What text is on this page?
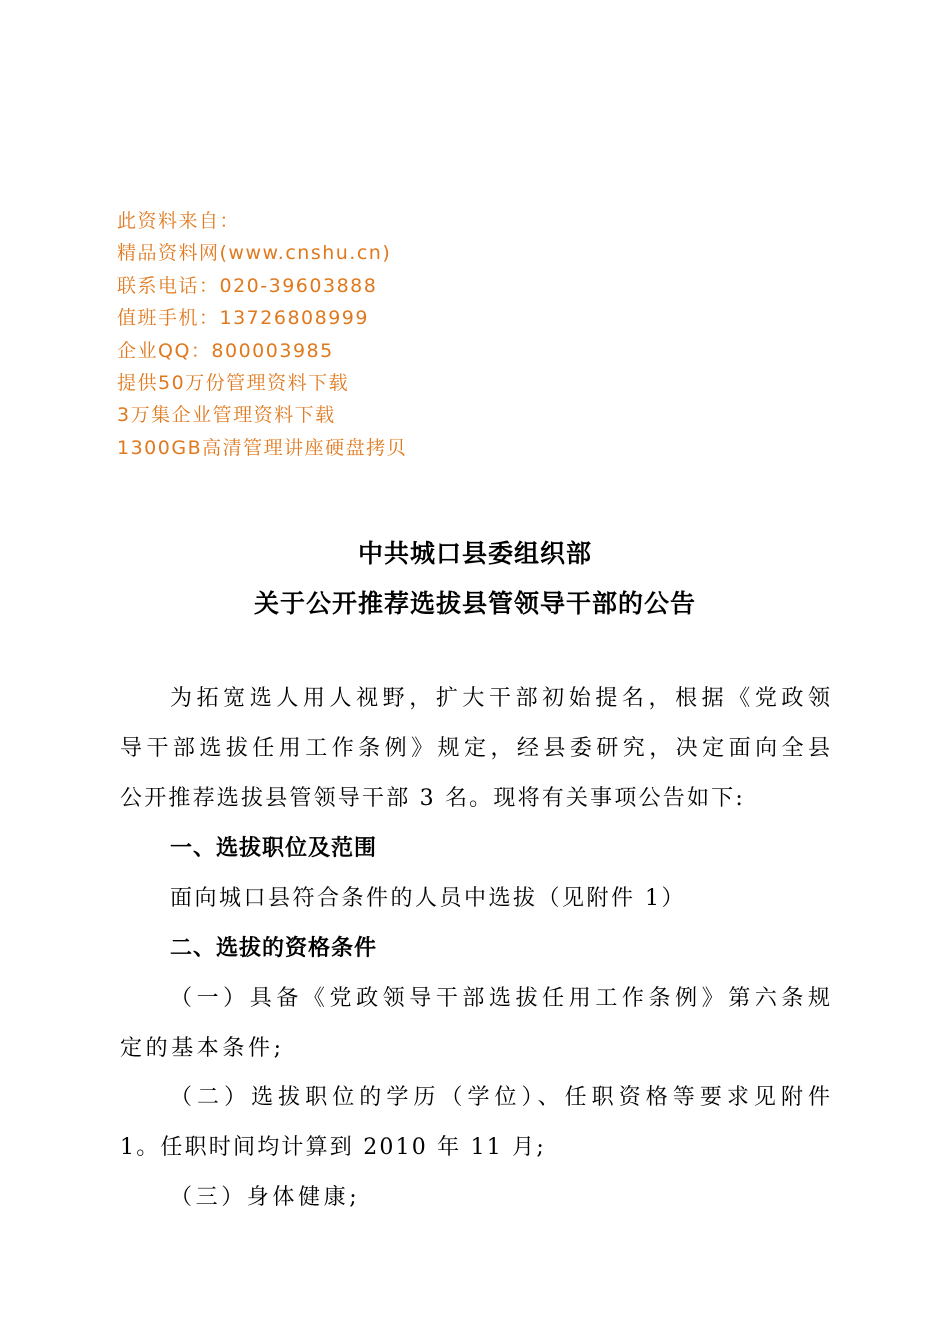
此资料来自：
精品资料网(www.cnshu.cn)
联系电话：020-39603888
值班手机：13726808999
企业QQ：800003985
提供50万份管理资料下载
3万集企业管理资料下载
1300GB高清管理讲座硬盘拷贝
中共城口县委组织部
关于公开推荐选拔县管领导干部的公告
为拓宽选人用人视野，扩大干部初始提名，根据《党政领
导干部选拔任用工作条例》规定，经县委研究，决定面向全县
公开推荐选拔县管领导干部 3 名。现将有关事项公告如下:
一、选拔职位及范围
面向城口县符合条件的人员中选拔（见附件 1）
二、选拔的资格条件
（一）具备《党政领导干部选拔任用工作条例》第六条规
定的基本条件;
（二）选拔职位的学历（学位）、任职资格等要求见附件
1。任职时间均计算到 2010 年 11 月;
（三）身体健康;
